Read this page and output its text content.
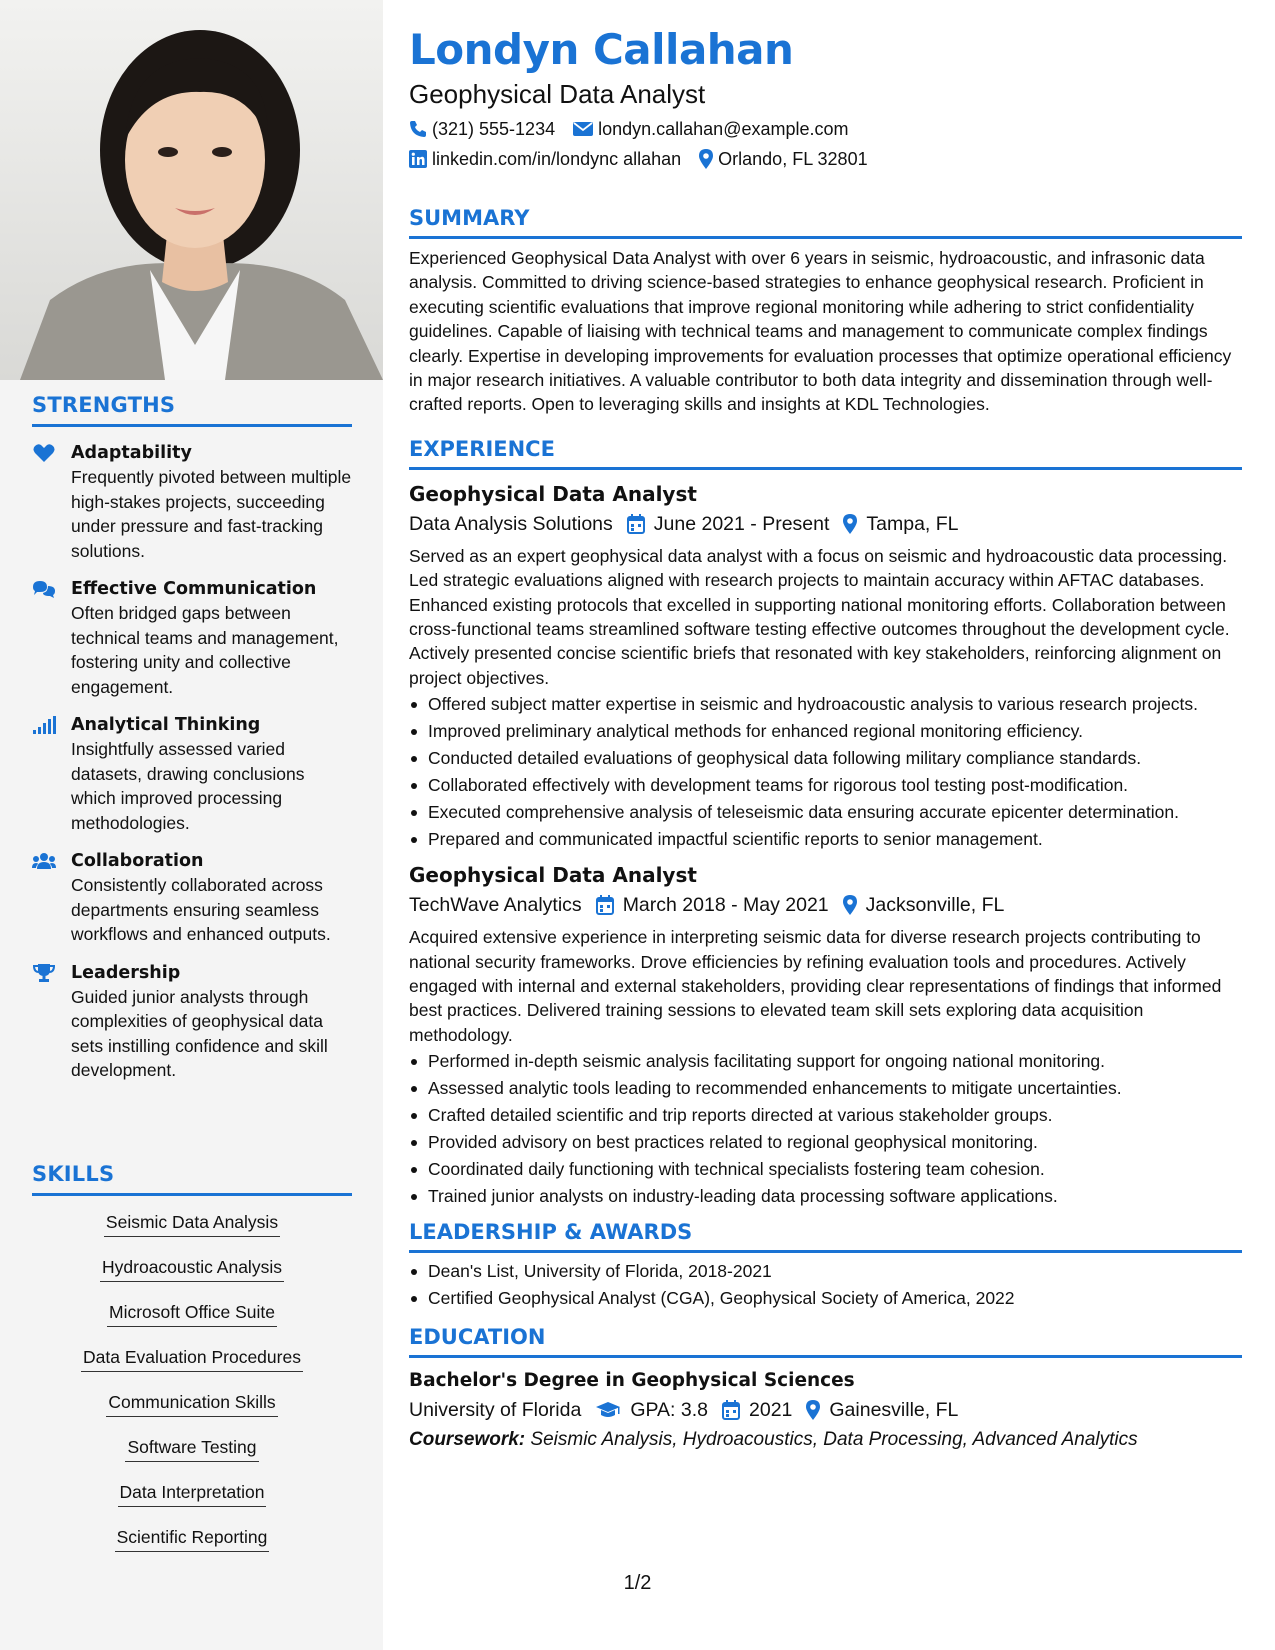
STRENGTHS
Adaptability
Frequently pivoted between multiple high-stakes projects, succeeding under pressure and fast-tracking solutions.
Effective Communication
Often bridged gaps between technical teams and management, fostering unity and collective engagement.
Analytical Thinking
Insightfully assessed varied datasets, drawing conclusions which improved processing methodologies.
Collaboration
Consistently collaborated across departments ensuring seamless workflows and enhanced outputs.
Leadership
Guided junior analysts through complexities of geophysical data sets instilling confidence and skill development.
SKILLS
Seismic Data Analysis
Hydroacoustic Analysis
Microsoft Office Suite
Data Evaluation Procedures
Communication Skills
Software Testing
Data Interpretation
Scientific Reporting
Londyn Callahan
Geophysical Data Analyst
(321) 555-1234 londyn.callahan@example.com
linkedin.com/in/londync allahan Orlando, FL 32801
SUMMARY
Experienced Geophysical Data Analyst with over 6 years in seismic, hydroacoustic, and infrasonic data analysis. Committed to driving science-based strategies to enhance geophysical research. Proficient in executing scientific evaluations that improve regional monitoring while adhering to strict confidentiality guidelines. Capable of liaising with technical teams and management to communicate complex findings clearly. Expertise in developing improvements for evaluation processes that optimize operational efficiency in major research initiatives. A valuable contributor to both data integrity and dissemination through well-crafted reports. Open to leveraging skills and insights at KDL Technologies.
EXPERIENCE
Geophysical Data Analyst
Data Analysis Solutions June 2021 - Present Tampa, FL
Served as an expert geophysical data analyst with a focus on seismic and hydroacoustic data processing. Led strategic evaluations aligned with research projects to maintain accuracy within AFTAC databases. Enhanced existing protocols that excelled in supporting national monitoring efforts. Collaboration between cross-functional teams streamlined software testing effective outcomes throughout the development cycle. Actively presented concise scientific briefs that resonated with key stakeholders, reinforcing alignment on project objectives.
Offered subject matter expertise in seismic and hydroacoustic analysis to various research projects.
Improved preliminary analytical methods for enhanced regional monitoring efficiency.
Conducted detailed evaluations of geophysical data following military compliance standards.
Collaborated effectively with development teams for rigorous tool testing post-modification.
Executed comprehensive analysis of teleseismic data ensuring accurate epicenter determination.
Prepared and communicated impactful scientific reports to senior management.
Geophysical Data Analyst
TechWave Analytics March 2018 - May 2021 Jacksonville, FL
Acquired extensive experience in interpreting seismic data for diverse research projects contributing to national security frameworks. Drove efficiencies by refining evaluation tools and procedures. Actively engaged with internal and external stakeholders, providing clear representations of findings that informed best practices. Delivered training sessions to elevated team skill sets exploring data acquisition methodology.
Performed in-depth seismic analysis facilitating support for ongoing national monitoring.
Assessed analytic tools leading to recommended enhancements to mitigate uncertainties.
Crafted detailed scientific and trip reports directed at various stakeholder groups.
Provided advisory on best practices related to regional geophysical monitoring.
Coordinated daily functioning with technical specialists fostering team cohesion.
Trained junior analysts on industry-leading data processing software applications.
LEADERSHIP & AWARDS
Dean's List, University of Florida, 2018-2021
Certified Geophysical Analyst (CGA), Geophysical Society of America, 2022
EDUCATION
Bachelor's Degree in Geophysical Sciences
University of Florida	GPA: 3.8 2021 Gainesville, FL
Coursework: Seismic Analysis, Hydroacoustics, Data Processing, Advanced Analytics
1/2
